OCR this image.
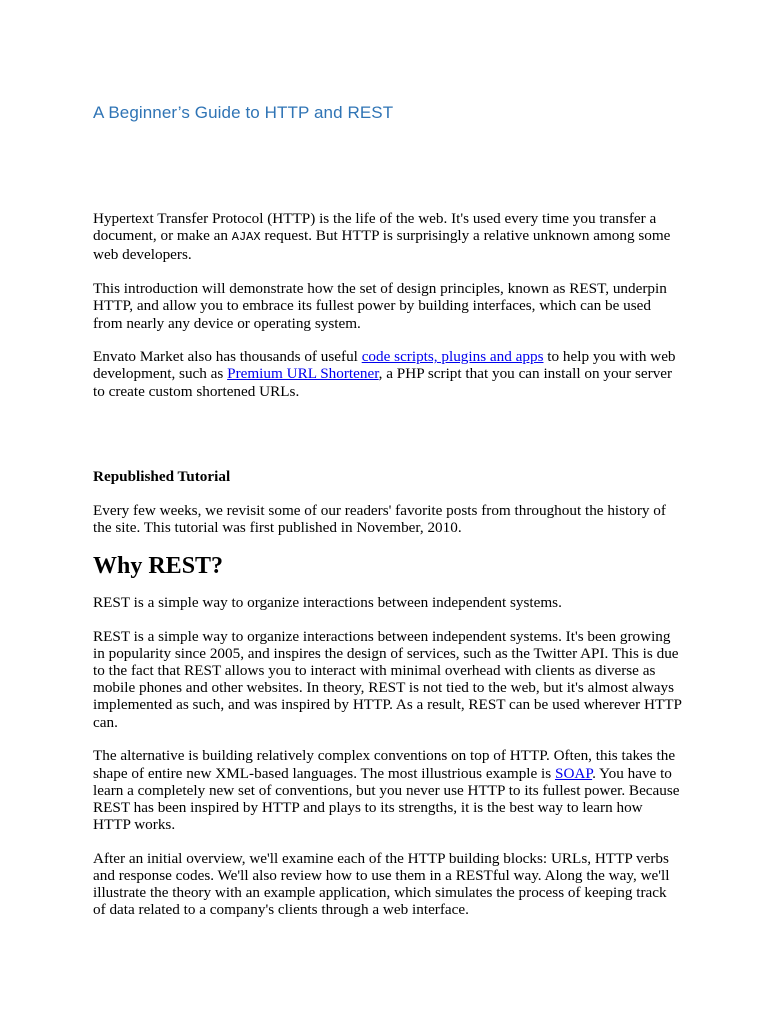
A Beginner’s Guide to HTTP and REST

Hypertext Transfer Protocol (HTTP) is the life of the web. It's used every time you transfer a document, or make an AJAX request. But HTTP is surprisingly a relative unknown among some web developers.

This introduction will demonstrate how the set of design principles, known as REST, underpin HTTP, and allow you to embrace its fullest power by building interfaces, which can be used from nearly any device or operating system.

Envato Market also has thousands of useful code scripts, plugins and apps to help you with web development, such as Premium URL Shortener, a PHP script that you can install on your server to create custom shortened URLs.

Republished Tutorial

Every few weeks, we revisit some of our readers' favorite posts from throughout the history of the site. This tutorial was first published in November, 2010.

Why REST?

REST is a simple way to organize interactions between independent systems.

REST is a simple way to organize interactions between independent systems. It's been growing in popularity since 2005, and inspires the design of services, such as the Twitter API. This is due to the fact that REST allows you to interact with minimal overhead with clients as diverse as mobile phones and other websites. In theory, REST is not tied to the web, but it's almost always implemented as such, and was inspired by HTTP. As a result, REST can be used wherever HTTP can.

The alternative is building relatively complex conventions on top of HTTP. Often, this takes the shape of entire new XML-based languages. The most illustrious example is SOAP. You have to learn a completely new set of conventions, but you never use HTTP to its fullest power. Because REST has been inspired by HTTP and plays to its strengths, it is the best way to learn how HTTP works.

After an initial overview, we'll examine each of the HTTP building blocks: URLs, HTTP verbs and response codes. We'll also review how to use them in a RESTful way. Along the way, we'll illustrate the theory with an example application, which simulates the process of keeping track of data related to a company's clients through a web interface.
